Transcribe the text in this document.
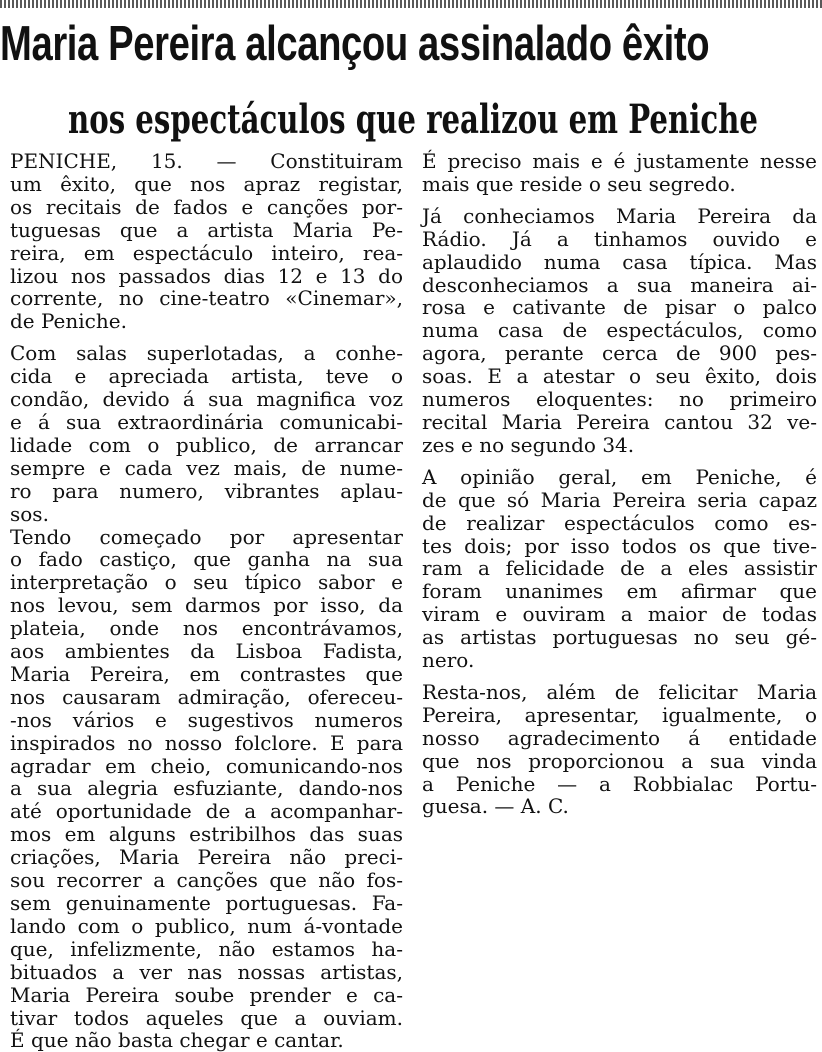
Maria Pereira alcançou assinalado êxito
nos espectáculos que realizou em Peniche
PENICHE, 15. — Constituiram
um êxito, que nos apraz registar,
os recitais de fados e canções por-
tuguesas que a artista Maria Pe-
reira, em espectáculo inteiro, rea-
lizou nos passados dias 12 e 13 do
corrente, no cine-teatro «Cinemar»,
de Peniche.
Com salas superlotadas, a conhe-
cida e apreciada artista, teve o
condão, devido á sua magnifica voz
e á sua extraordinária comunicabi-
lidade com o publico, de arrancar
sempre e cada vez mais, de nume-
ro para numero, vibrantes aplau-
sos.
Tendo começado por apresentar
o fado castiço, que ganha na sua
interpretação o seu típico sabor e
nos levou, sem darmos por isso, da
plateia, onde nos encontrávamos,
aos ambientes da Lisboa Fadista,
Maria Pereira, em contrastes que
nos causaram admiração, ofereceu-
-nos vários e sugestivos numeros
inspirados no nosso folclore. E para
agradar em cheio, comunicando-nos
a sua alegria esfuziante, dando-nos
até oportunidade de a acompanhar-
mos em alguns estribilhos das suas
criações, Maria Pereira não preci-
sou recorrer a canções que não fos-
sem genuinamente portuguesas. Fa-
lando com o publico, num á-vontade
que, infelizmente, não estamos ha-
bituados a ver nas nossas artistas,
Maria Pereira soube prender e ca-
tivar todos aqueles que a ouviam.
É que não basta chegar e cantar.
É preciso mais e é justamente nesse
mais que reside o seu segredo.
Já conheciamos Maria Pereira da
Rádio. Já a tinhamos ouvido e
aplaudido numa casa típica. Mas
desconheciamos a sua maneira ai-
rosa e cativante de pisar o palco
numa casa de espectáculos, como
agora, perante cerca de 900 pes-
soas. E a atestar o seu êxito, dois
numeros eloquentes: no primeiro
recital Maria Pereira cantou 32 ve-
zes e no segundo 34.
A opinião geral, em Peniche, é
de que só Maria Pereira seria capaz
de realizar espectáculos como es-
tes dois; por isso todos os que tive-
ram a felicidade de a eles assistir
foram unanimes em afirmar que
viram e ouviram a maior de todas
as artistas portuguesas no seu gé-
nero.
Resta-nos, além de felicitar Maria
Pereira, apresentar, igualmente, o
nosso agradecimento á entidade
que nos proporcionou a sua vinda
a Peniche — a Robbialac Portu-
guesa. — A. C.
